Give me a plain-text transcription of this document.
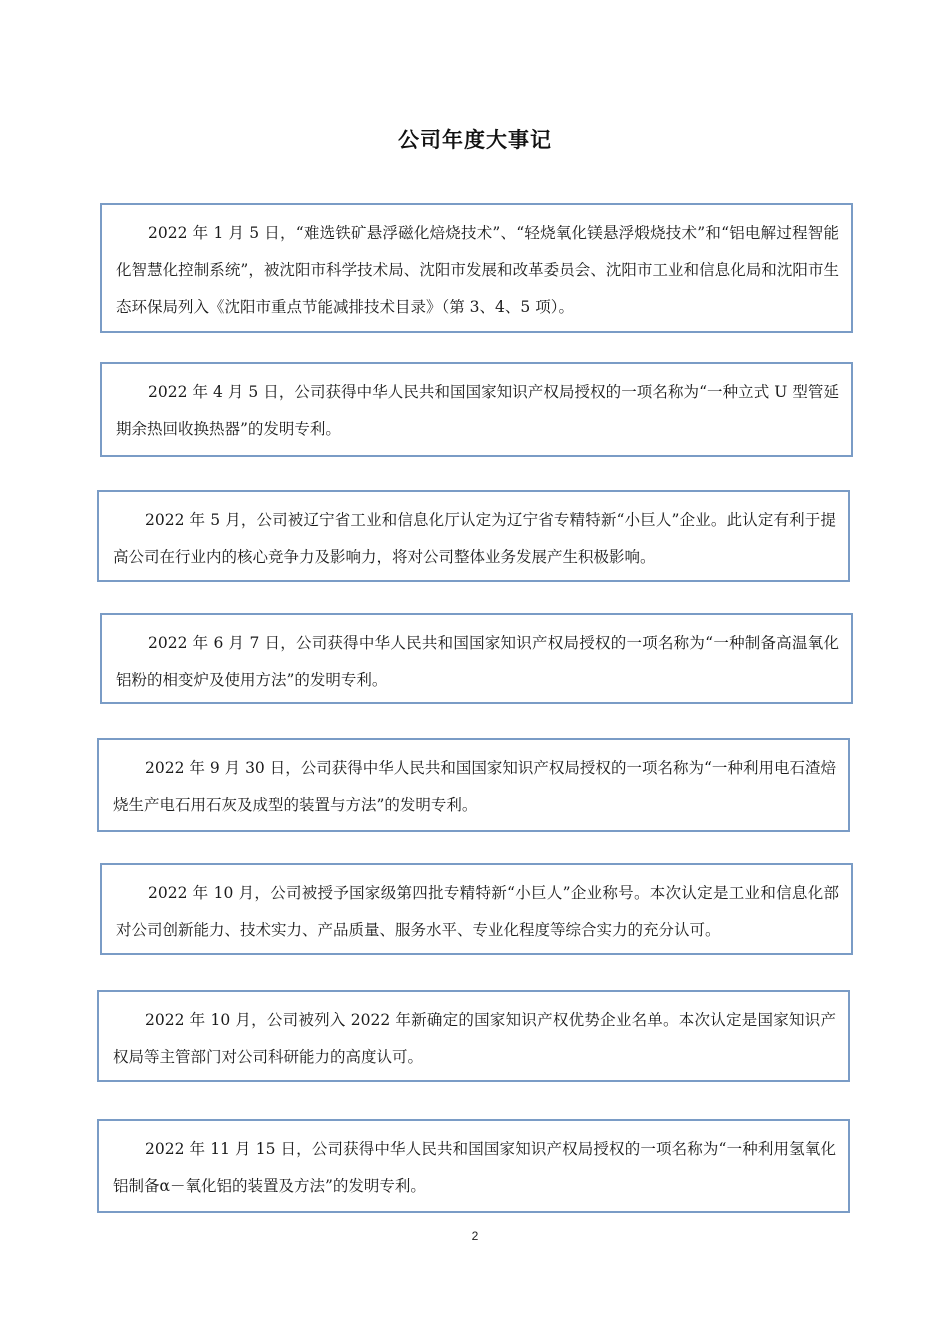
公司年度大事记
2022 年 1 月 5 日，“难选铁矿悬浮磁化焙烧技术”、“轻烧氧化镁悬浮煅烧技术”和“铝电解过程智能化智慧化控制系统”，被沈阳市科学技术局、沈阳市发展和改革委员会、沈阳市工业和信息化局和沈阳市生态环保局列入《沈阳市重点节能减排技术目录》（第 3、4、5 项）。
2022 年 4 月 5 日，公司获得中华人民共和国国家知识产权局授权的一项名称为“一种立式 U 型管延期余热回收换热器”的发明专利。
2022 年 5 月，公司被辽宁省工业和信息化厅认定为辽宁省专精特新“小巨人”企业。此认定有利于提高公司在行业内的核心竞争力及影响力，将对公司整体业务发展产生积极影响。
2022 年 6 月 7 日，公司获得中华人民共和国国家知识产权局授权的一项名称为“一种制备高温氧化铝粉的相变炉及使用方法”的发明专利。
2022 年 9 月 30 日，公司获得中华人民共和国国家知识产权局授权的一项名称为“一种利用电石渣焙烧生产电石用石灰及成型的装置与方法”的发明专利。
2022 年 10 月，公司被授予国家级第四批专精特新“小巨人”企业称号。本次认定是工业和信息化部对公司创新能力、技术实力、产品质量、服务水平、专业化程度等综合实力的充分认可。
2022 年 10 月，公司被列入 2022 年新确定的国家知识产权优势企业名单。本次认定是国家知识产权局等主管部门对公司科研能力的高度认可。
2022 年 11 月 15 日，公司获得中华人民共和国国家知识产权局授权的一项名称为“一种利用氢氧化铝制备α－氧化铝的装置及方法”的发明专利。
2
